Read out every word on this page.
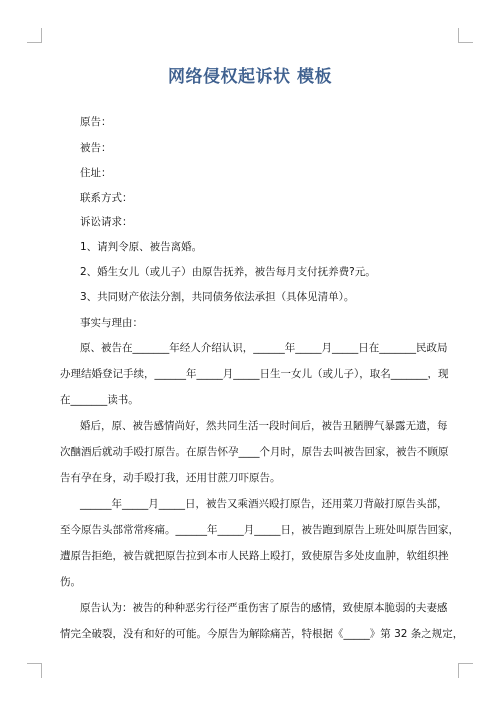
网络侵权起诉状 模板
原告：
被告：
住址：
联系方式：
诉讼请求：
1、请判令原、被告离婚。
2、婚生女儿（或儿子）由原告抚养，被告每月支付抚养费?元。
3、共同财产依法分割，共同债务依法承担（具体见清单）。
事实与理由：

原、被告在_______年经人介绍认识，______年_____月_____日在_______民政局

办理结婚登记手续，______年_____月_____日生一女儿（或儿子），取名_______，现

在_______读书。

婚后，原、被告感情尚好，然共同生活一段时间后，被告丑陋脾气暴露无遗，每

次酗酒后就动手殴打原告。在原告怀孕____个月时，原告去叫被告回家，被告不顾原

告有孕在身，动手殴打我，还用甘蔗刀吓原告。

______年_____月_____日，被告又乘酒兴殴打原告，还用菜刀背敲打原告头部，

至今原告头部常常疼痛。______年_____月_____日，被告跑到原告上班处叫原告回家，

遭原告拒绝，被告就把原告拉到本市人民路上殴打，致使原告多处皮血肿，软组织挫

伤。

原告认为：被告的种种恶劣行径严重伤害了原告的感情，致使原本脆弱的夫妻感

情完全破裂，没有和好的可能。今原告为解除痛苦，特根据《_____》第 32 条之规定，
